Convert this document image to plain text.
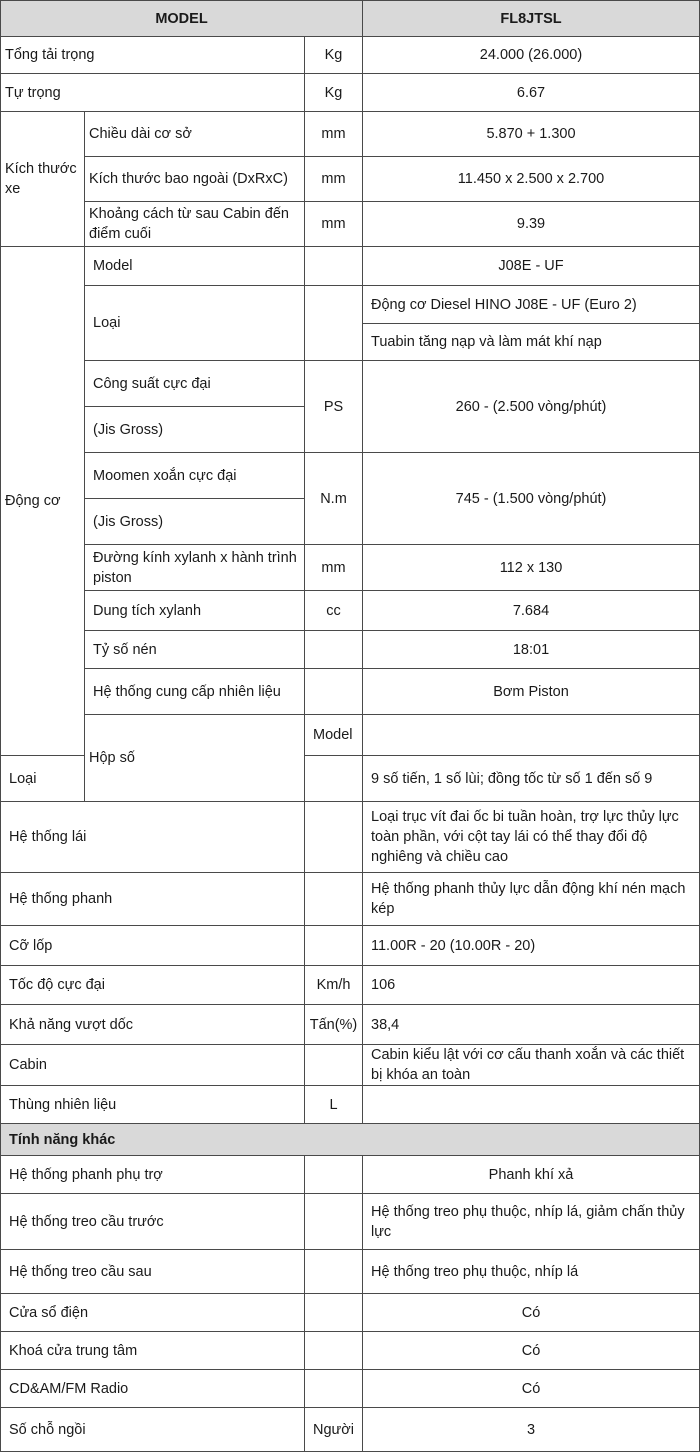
MODEL			FL8JTSL	
Tổng tải trọng		Kg	24.000 (26.000)	
Tự trọng		Kg	6.67	
Kích thước xe	Chiều dài cơ sở	mm	5.870 + 1.300	
	Kích thước bao ngoài (DxRxC)	mm	11.450 x 2.500 x 2.700	
	Khoảng cách từ sau Cabin đến điểm cuối	mm	9.39	
Động cơ	Model		J08E - UF	
	Loại		Động cơ Diesel HINO J08E - UF (Euro 2)	
			Tuabin tăng nạp và làm mát khí nạp	
	Công suất cực đại	PS	260 - (2.500 vòng/phút)	
	(Jis Gross)			
	Moomen xoắn cực đại	N.m	745 - (1.500 vòng/phút)	
	(Jis Gross)			
	Đường kính xylanh x hành trình piston	mm	112 x 130	
	Dung tích xylanh	cc	7.684	
	Tỷ số nén		18:01	
	Hệ thống cung cấp nhiên liệu		Bơm Piston	
	Hộp số	Model		
Loại			9 số tiến, 1 số lùi; đồng tốc từ số 1 đến số 9	
Hệ thống lái			Loại trục vít đai ốc bi tuần hoàn, trợ lực thủy lực toàn phần, với cột tay lái có thể thay đổi độ nghiêng và chiều cao	
Hệ thống phanh			Hệ thống phanh thủy lực dẫn động khí nén mạch kép	
Cỡ lốp			11.00R - 20 (10.00R - 20)	
Tốc độ cực đại		Km/h	106	
Khả năng vượt dốc		Tấn(%)	38,4	
Cabin			Cabin kiểu lật với cơ cấu thanh xoắn và các thiết bị khóa an toàn	
Thùng nhiên liệu		L		
Tính năng khác				
Hệ thống phanh phụ trợ			Phanh khí xả	
Hệ thống treo cầu trước			Hệ thống treo phụ thuộc, nhíp lá, giảm chấn thủy lực	
Hệ thống treo cầu sau			Hệ thống treo phụ thuộc, nhíp lá	
Cửa sổ điện			Có	
Khoá cửa trung tâm			Có	
CD&AM/FM Radio			Có	
Số chỗ ngồi		Người	3	
